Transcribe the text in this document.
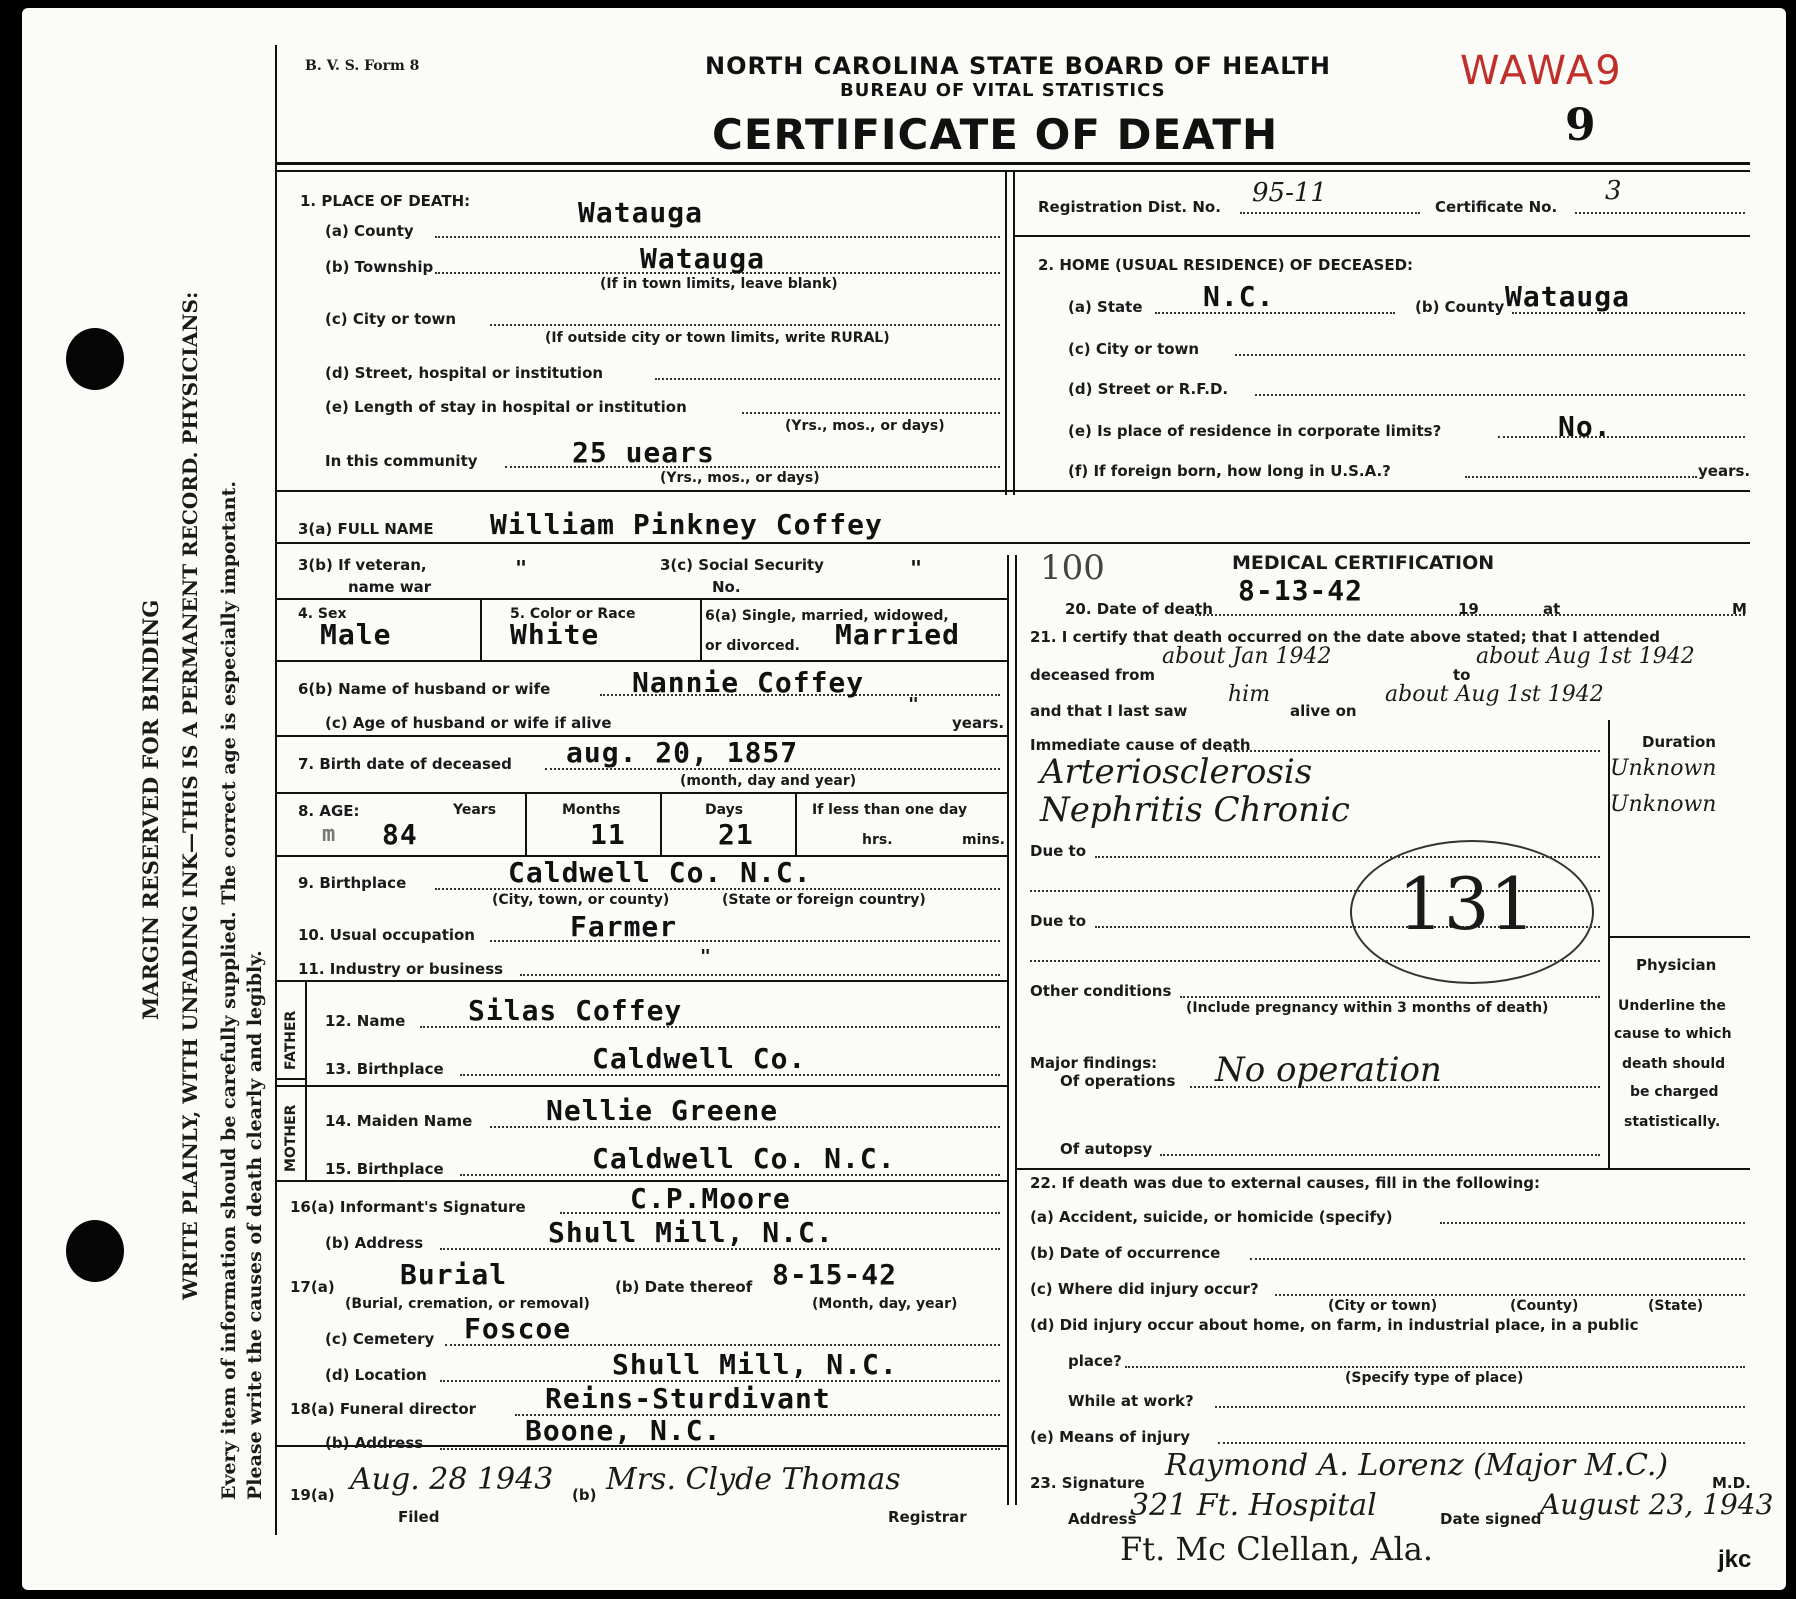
MARGIN RESERVED FOR BINDING WRITE PLAINLY, WITH UNFADING INK—THIS IS A PERMANENT RECORD. PHYSICIANS:
Every item of information should be carefully supplied. The correct age is especially important.
Please write the causes of death clearly and legibly.
B. V. S. Form 8	NORTH CAROLINA STATE BOARD OF HEALTH
BUREAU OF VITAL STATISTICS
CERTIFICATE OF DEATH
WAWA9
9
1. PLACE OF DEATH:
(a) County
Watauga
(b) Township	Watauga
(If in town limits, leave blank)
(c) City or town
(If outside city or town limits, write RURAL)
(d) Street, hospital or institution
(e) Length of stay in hospital or institution
(Yrs., mos., or days)
In this community	25 uears
(Yrs., mos., or days)
3(a) FULL NAME William Pinkney Coffey
3(b) If veteran,
name war
"	3(c) Social Security
No.
"
4. Sex
Male
5. Color or Race
White
6(a) Single, married, widowed,
or divorced. Married
6(b) Name of husband or wife	Nannie Coffey
"
(c) Age of husband or wife if alive	years.
7. Birth date of deceased aug. 20, 1857
(month, day and year)
8. AGE:
m
Years
84
Months
11
Days
21
If less than one day
hrs.	mins.
9. Birthplace	Caldwell Co. N.C.
(City, town, or county)	(State or foreign country)
10. Usual occupation	Farmer
11. Industry or business
"
FATHER
MOTHER
12. Name Silas Coffey
13. Birthplace	Caldwell Co.
14. Maiden Name	Nellie Greene
15. Birthplace	Caldwell Co. N.C.
16(a) Informant's Signature	C.P.Moore
(b) Address	Shull Mill, N.C.
17(a) Burial
(Burial, cremation, or removal)
(b) Date thereof 8-15-42
(Month, day, year)
(c) Cemetery Foscoe
(d) Location	Shull Mill, N.C.
18(a) Funeral director Reins-Sturdivant
(b) Address	Boone, N.C.
19(a) Aug. 28 1943
Filed
(b) Mrs. Clyde Thomas
Registrar
Registration Dist. No. 95-11	Certificate No.
3
2. HOME (USUAL RESIDENCE) OF DECEASED:
(a) State N.C.	(b) County Watauga
(c) City or town
(d) Street or R.F.D.
(e) Is place of residence in corporate limits?	No.
(f) If foreign born, how long in U.S.A.?	years.
100	MEDICAL CERTIFICATION
20. Date of death
8-13-42
19	at	M
21. I certify that death occurred on the date above stated; that I attended
deceased from
about Jan 1942
to
about Aug 1st 1942
and that I last saw
him
alive on
about Aug 1st 1942
Immediate cause of death	Duration
Arteriosclerosis	Unknown
Nephritis Chronic	Unknown
Due to
Due to	131
Physician
Underline the
cause to which
death should
be charged
statistically.
Other conditions
(Include pregnancy within 3 months of death)
Major findings:
Of operations No operation
Of autopsy
22. If death was due to external causes, fill in the following:
(a) Accident, suicide, or homicide (specify)
(b) Date of occurrence
(c) Where did injury occur?
(City or town)	(County)	(State)
(d) Did injury occur about home, on farm, in industrial place, in a public
place?
(Specify type of place)
While at work?
(e) Means of injury
23. Signature Raymond A. Lorenz (Major M.C.)	M.D.
Address
321 Ft. Hospital	Date signed
August 23, 1943
Ft. Mc Clellan, Ala.	jkc
